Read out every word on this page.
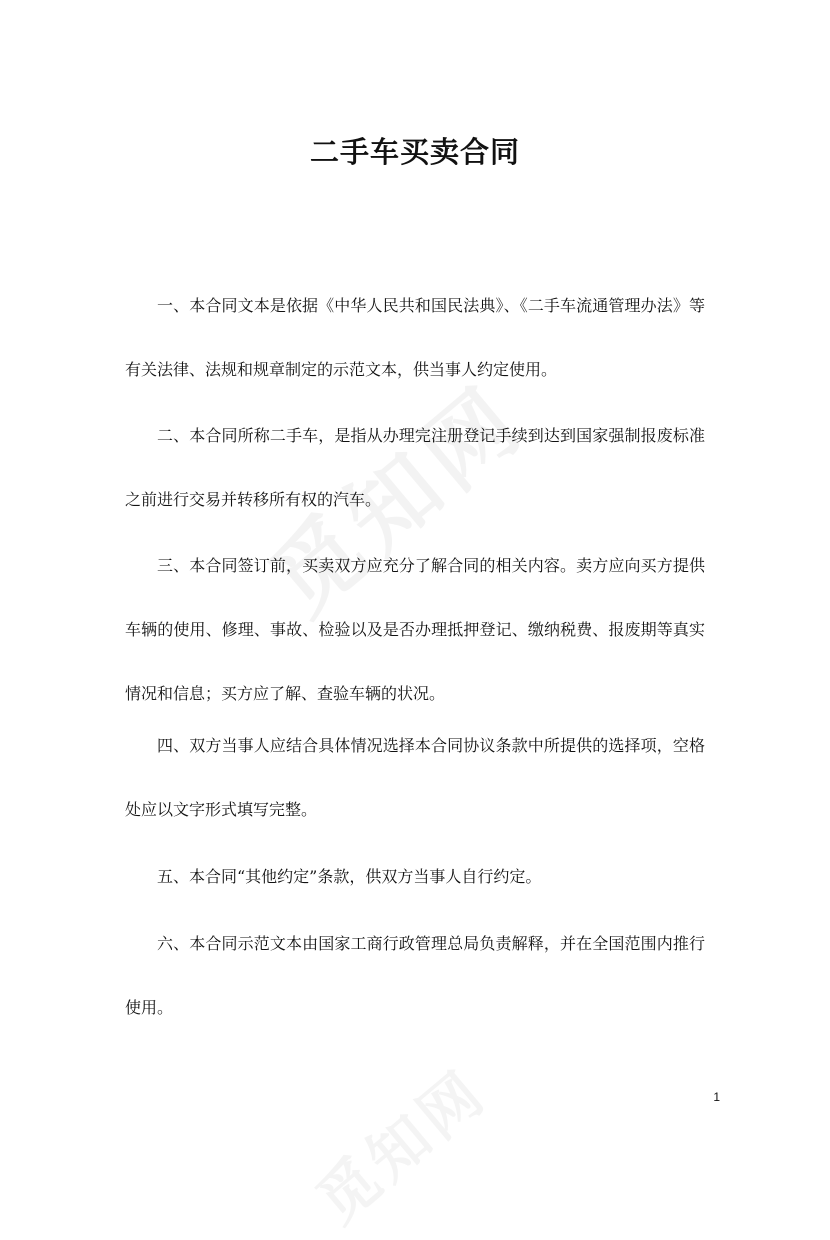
二手车买卖合同

一、本合同文本是依据《中华人民共和国民法典》、《二手车流通管理办法》等有关法律、法规和规章制定的示范文本，供当事人约定使用。

二、本合同所称二手车，是指从办理完注册登记手续到达到国家强制报废标准之前进行交易并转移所有权的汽车。

三、本合同签订前，买卖双方应充分了解合同的相关内容。卖方应向买方提供车辆的使用、修理、事故、检验以及是否办理抵押登记、缴纳税费、报废期等真实情况和信息；买方应了解、查验车辆的状况。

四、双方当事人应结合具体情况选择本合同协议条款中所提供的选择项，空格处应以文字形式填写完整。

五、本合同“其他约定”条款，供双方当事人自行约定。

六、本合同示范文本由国家工商行政管理总局负责解释，并在全国范围内推行使用。

1
